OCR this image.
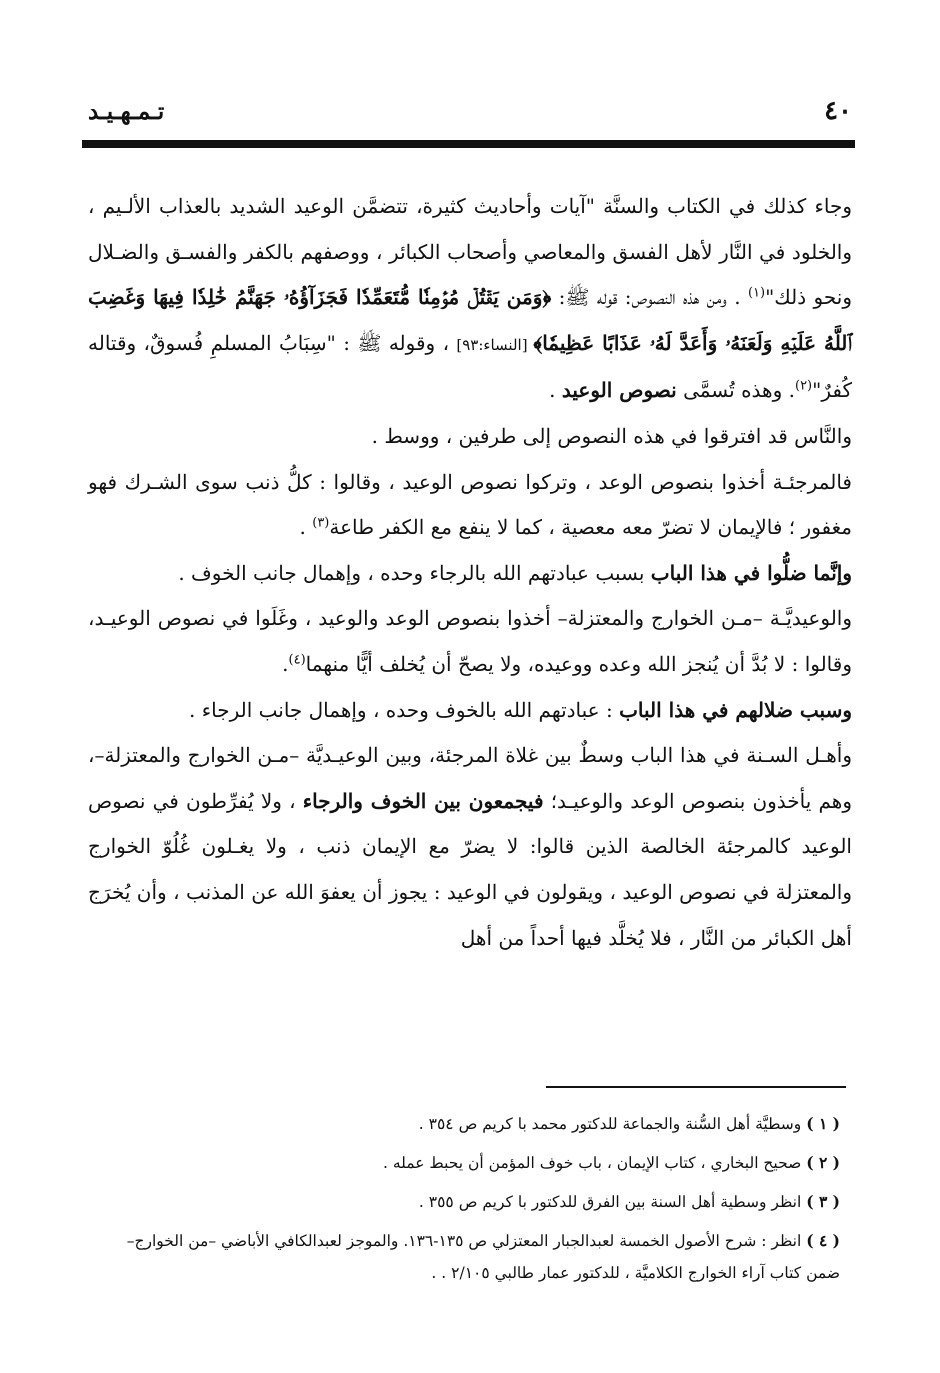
٤٠
تـمـهـيـد

وجاء كذلك في الكتاب والسنَّة "آيات وأحاديث كثيرة، تتضمَّن الوعيد الشديد بالعذاب الألـيم ، والخلود في النَّار لأهل الفسق والمعاصي وأصحاب الكبائر ، ووصفهم بالكفر والفسـق والضـلال ونحو ذلك"$^{(١)}$ . ومن هذه النصوص: قوله ﷺ: ﴿وَمَن يَقۡتُلۡ مُؤۡمِنٗا مُّتَعَمِّدٗا فَجَزَآؤُهُۥ جَهَنَّمُ خَٰلِدٗا فِيهَا وَغَضِبَ ٱللَّهُ عَلَيۡهِ وَلَعَنَهُۥ وَأَعَدَّ لَهُۥ عَذَابًا عَظِيمٗا﴾ [النساء:٩٣] ، وقوله ﷺ : "سِبَابُ المسلمِ فُسوقٌ، وقتاله كُفرٌ"$^{(٢)}$. وهذه تُسمَّى نصوص الوعيد .

والنَّاس قد افترقوا في هذه النصوص إلى طرفين ، ووسط .

فالمرجئـة أخذوا بنصوص الوعد ، وتركوا نصوص الوعيد ، وقالوا : كلُّ ذنب سوى الشـرك فهو مغفور ؛ فالإيمان لا تضرّ معه معصية ، كما لا ينفع مع الكفر طاعة$^{(٣)}$ .

وإنَّما ضلُّوا في هذا الباب بسبب عبادتهم الله بالرجاء وحده ، وإهمال جانب الخوف .

والوعيديَّـة –مـن الخوارج والمعتزلة– أخذوا بنصوص الوعد والوعيد ، وغَلَوا في نصوص الوعيـد، وقالوا : لا بُدَّ أن يُنجز الله وعده ووعيده، ولا يصحّ أن يُخلف أيًّا منهما$^{(٤)}$.

وسبب ضلالهم في هذا الباب : عبادتهم الله بالخوف وحده ، وإهمال جانب الرجاء .

وأهـل السـنة في هذا الباب وسطٌ بين غلاة المرجئة، وبين الوعيـديَّة –مـن الخوارج والمعتزلة–، وهم يأخذون بنصوص الوعد والوعيـد؛ فيجمعون بين الخوف والرجاء ، ولا يُفرِّطون في نصوص الوعيد كالمرجئة الخالصة الذين قالوا: لا يضرّ مع الإيمان ذنب ، ولا يغـلون غُلُوّ الخوارج والمعتزلة في نصوص الوعيد ، ويقولون في الوعيد : يجوز أن يعفوَ الله عن المذنب ، وأن يُخرَج أهل الكبائر من النَّار ، فلا يُخلَّد فيها أحداً من أهل

( ١ ) وسطيَّة أهل السُّنة والجماعة للدكتور محمد با كريم ص ٣٥٤ .
( ٢ ) صحيح البخاري ، كتاب الإيمان ، باب خوف المؤمن أن يحبط عمله .
( ٣ ) انظر وسطية أهل السنة بين الفرق للدكتور با كريم ص ٣٥٥ .
( ٤ ) انظر : شرح الأصول الخمسة لعبدالجبار المعتزلي ص ١٣٥-١٣٦. والموجز لعبدالكافي الأباضي –من الخوارج– ضمن كتاب آراء الخوارج الكلاميَّة ، للدكتور عمار طالبي ٢/١٠٥ . .
